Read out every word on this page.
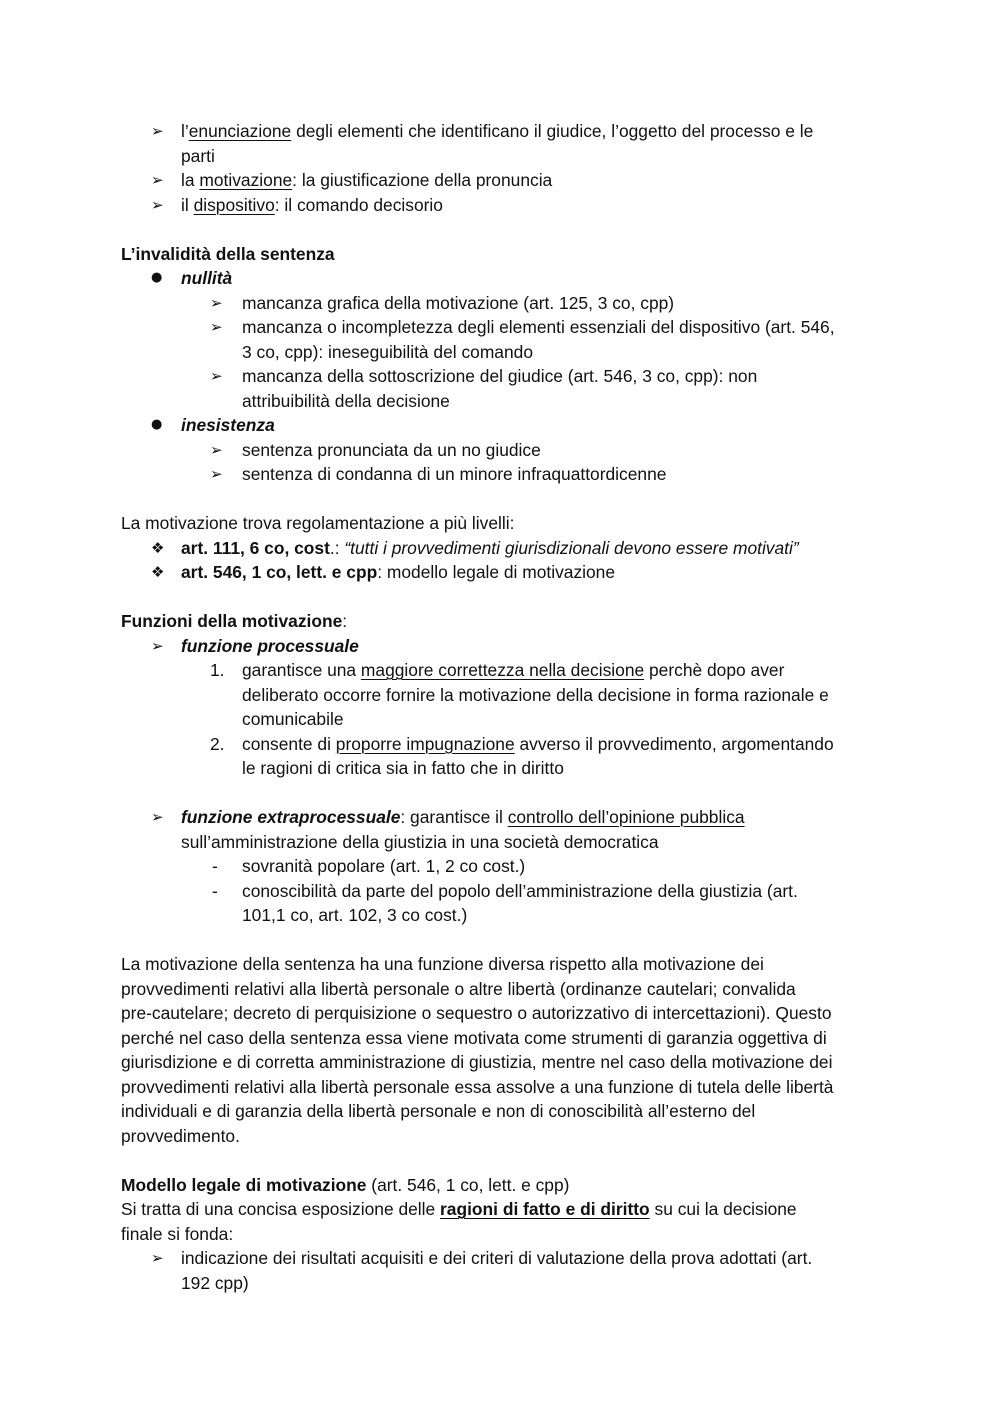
➢ l’enunciazione degli elementi che identificano il giudice, l’oggetto del processo e le
parti
➢ la motivazione: la giustificazione della pronuncia
➢ il dispositivo: il comando decisorio
L’invalidità della sentenza
● nullità
➢ mancanza grafica della motivazione (art. 125, 3 co, cpp)
➢ mancanza o incompletezza degli elementi essenziali del dispositivo (art. 546,
3 co, cpp): ineseguibilità del comando
➢ mancanza della sottoscrizione del giudice (art. 546, 3 co, cpp): non
attribuibilità della decisione
● inesistenza
➢ sentenza pronunciata da un no giudice
➢ sentenza di condanna di un minore infraquattordicenne
La motivazione trova regolamentazione a più livelli:
❖ art. 111, 6 co, cost.: “tutti i provvedimenti giurisdizionali devono essere motivati”
❖ art. 546, 1 co, lett. e cpp: modello legale di motivazione
Funzioni della motivazione:
➢ funzione processuale
1. garantisce una maggiore correttezza nella decisione perchè dopo aver
deliberato occorre fornire la motivazione della decisione in forma razionale e
comunicabile
2. consente di proporre impugnazione avverso il provvedimento, argomentando
le ragioni di critica sia in fatto che in diritto
➢ funzione extraprocessuale: garantisce il controllo dell’opinione pubblica
sull’amministrazione della giustizia in una società democratica
- sovranità popolare (art. 1, 2 co cost.)
- conoscibilità da parte del popolo dell’amministrazione della giustizia (art.
101,1 co, art. 102, 3 co cost.)
La motivazione della sentenza ha una funzione diversa rispetto alla motivazione dei
provvedimenti relativi alla libertà personale o altre libertà (ordinanze cautelari; convalida
pre-cautelare; decreto di perquisizione o sequestro o autorizzativo di intercettazioni). Questo
perché nel caso della sentenza essa viene motivata come strumenti di garanzia oggettiva di
giurisdizione e di corretta amministrazione di giustizia, mentre nel caso della motivazione dei
provvedimenti relativi alla libertà personale essa assolve a una funzione di tutela delle libertà
individuali e di garanzia della libertà personale e non di conoscibilità all’esterno del
provvedimento.
Modello legale di motivazione (art. 546, 1 co, lett. e cpp)
Si tratta di una concisa esposizione delle ragioni di fatto e di diritto su cui la decisione
finale si fonda:
➢ indicazione dei risultati acquisiti e dei criteri di valutazione della prova adottati (art.
192 cpp)
